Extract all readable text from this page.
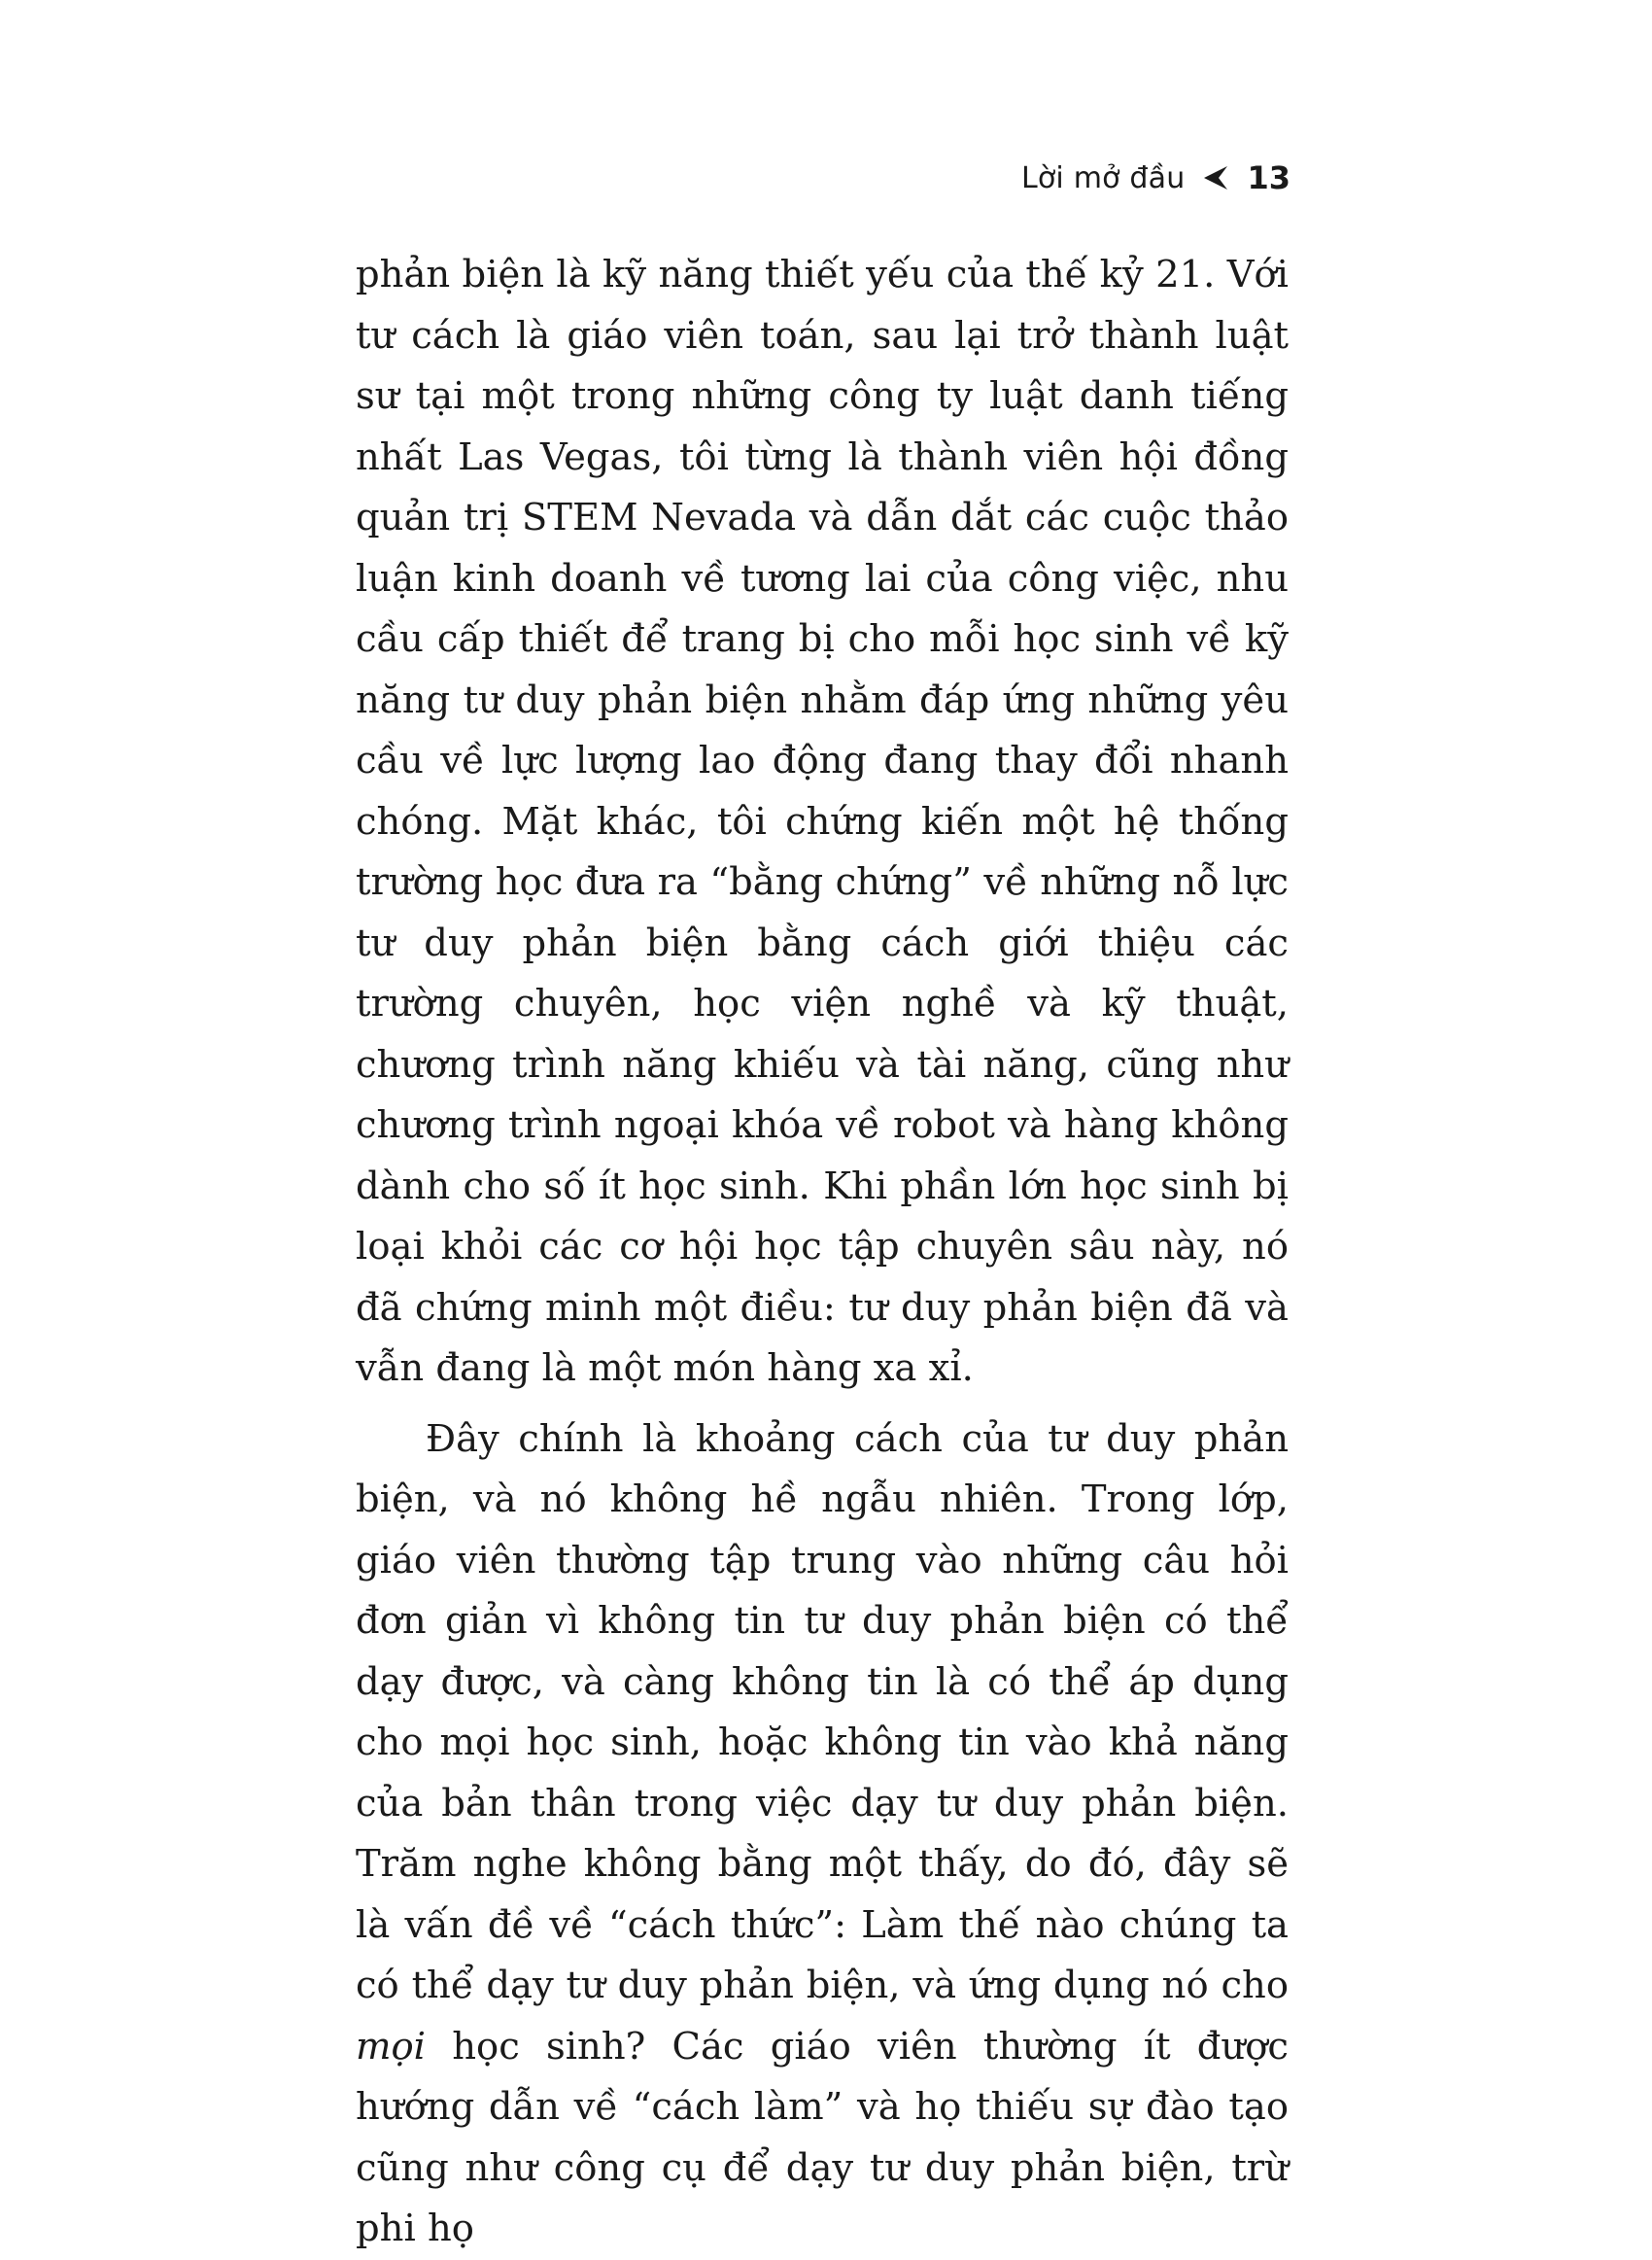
Lời mở đầu 13

phản biện là kỹ năng thiết yếu của thế kỷ 21. Với tư cách là giáo viên toán, sau lại trở thành luật sư tại một trong những công ty luật danh tiếng nhất Las Vegas, tôi từng là thành viên hội đồng quản trị STEM Nevada và dẫn dắt các cuộc thảo luận kinh doanh về tương lai của công việc, nhu cầu cấp thiết để trang bị cho mỗi học sinh về kỹ năng tư duy phản biện nhằm đáp ứng những yêu cầu về lực lượng lao động đang thay đổi nhanh chóng. Mặt khác, tôi chứng kiến một hệ thống trường học đưa ra “bằng chứng” về những nỗ lực tư duy phản biện bằng cách giới thiệu các trường chuyên, học viện nghề và kỹ thuật, chương trình năng khiếu và tài năng, cũng như chương trình ngoại khóa về robot và hàng không dành cho số ít học sinh. Khi phần lớn học sinh bị loại khỏi các cơ hội học tập chuyên sâu này, nó đã chứng minh một điều: tư duy phản biện đã và vẫn đang là một món hàng xa xỉ.

Đây chính là khoảng cách của tư duy phản biện, và nó không hề ngẫu nhiên. Trong lớp, giáo viên thường tập trung vào những câu hỏi đơn giản vì không tin tư duy phản biện có thể dạy được, và càng không tin là có thể áp dụng cho mọi học sinh, hoặc không tin vào khả năng của bản thân trong việc dạy tư duy phản biện. Trăm nghe không bằng một thấy, do đó, đây sẽ là vấn đề về “cách thức”: Làm thế nào chúng ta có thể dạy tư duy phản biện, và ứng dụng nó cho mọi học sinh? Các giáo viên thường ít được hướng dẫn về “cách làm” và họ thiếu sự đào tạo cũng như công cụ để dạy tư duy phản biện, trừ phi họ
